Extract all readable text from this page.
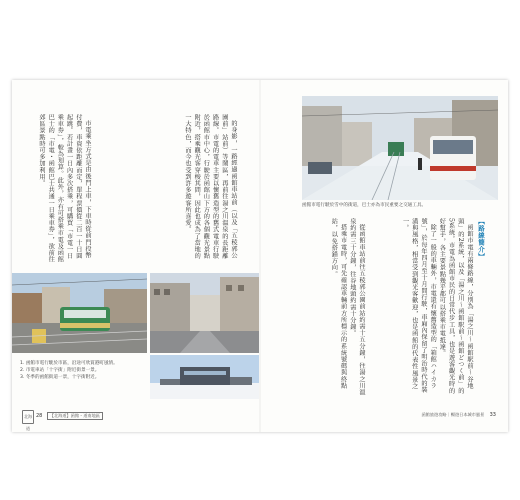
的身影，一路經過函館車站前（以及「五稜郭公園前」站前）等鬧區，再前往湯之川溫泉的長距離路線。市電的電車主要以懷舊造型的舊式電車行駛於函館市中心，行駛於函館山下方的各個觀光景點附近，搭乘觀光客穿梭其間，因此也成為了當地的一大特色，而今也受到許多遊客所喜愛。

市電乘坐方式是由後門上車，下車時從前門投幣付費，車資依距離而定，單程票價從二百一十日圓起跳。若計畫一日內多次搭乘，可購買「市電一日乘車券」，較為划算。此外，亦有可搭乘市電及函館巴士的「市電・函館巴士共通一日乘車券」，欲前往郊區景點時可多加利用。

1. 函館市電行駛於市區，沿途可欣賞港町風情。
2. 市電車站「十字街」附近街景一景。
3. 冬季的函館街道一景，十字街附近。
北海道
28 【北海道】函館・道南地區
函館市電行駛於雪中的街道，巴士亦為市民重要之交通工具。
【路線簡介】

函館市電有兩條路線，分別為「湯之川～函館駅前～谷地頭」的2系統，以及「湯之川～函館駅前～函館どつく前」的5系統。市電為函館市民的日常代步工具，也是遊客觀光時的好幫手，各主要景點幾乎都可以搭乘市電抵達。

除了一般的車輛外，市電還有懷舊造型的「箱館ハイカラ號」，於每年四月至十月間行駛，車廂內保留了明治時代的裝潢與風格，相當受到觀光客歡迎，也是函館的代表性風景之一。

從函館車站前往五稜郭公園前站約需十五分鐘，往湯之川溫泉約需三十分鐘，往谷地頭約需十分鐘。

搭乘市電時，可先確認車輛前方所標示的系統號碼與終點站，以免搭錯方向。

函館旅遊攻略｜暢遊日本城市風景 33
